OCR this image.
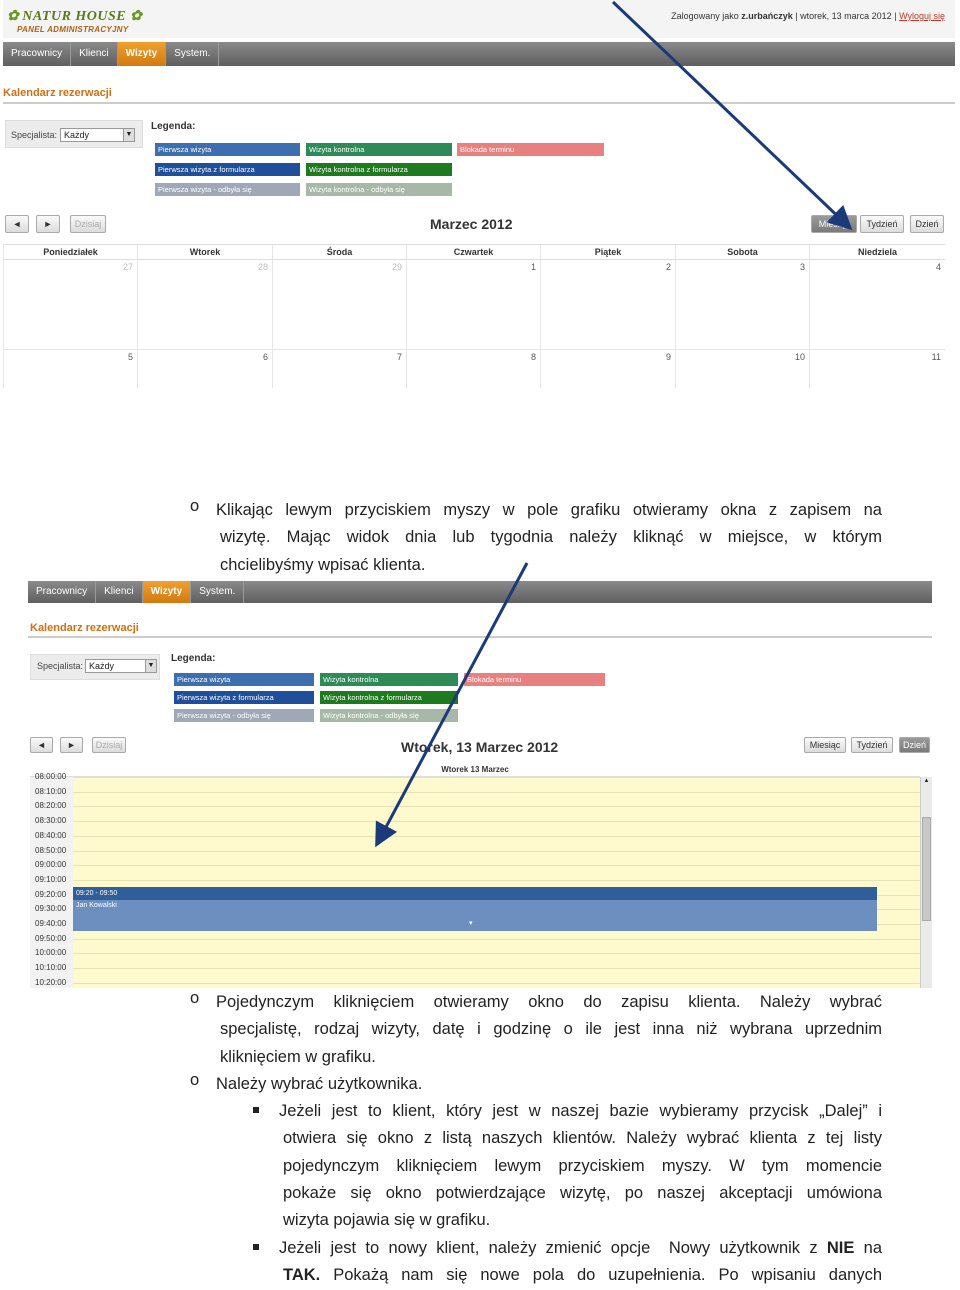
✿ NATUR HOUSE ✿
PANEL ADMINISTRACYJNY
Zalogowany jako z.urbańczyk | wtorek, 13 marca 2012 | Wyloguj się
Pracownicy	Klienci	Wizyty	System.
Kalendarz rezerwacji
Specjalista: Każdy	▼
Legenda:
Pierwsza wizyta	Wizyta kontrolna	Blokada terminu
Pierwsza wizyta z formularza	Wizyta kontrolna z formularza
Pierwsza wizyta - odbyła się	Wizyta kontrolna - odbyła się
◄	►	Dzisiaj	Marzec 2012	Miesiąc	Tydzień	Dzień
Poniedziałek	Wtorek	Środa	Czwartek	Piątek	Sobota	Niedziela
27	28	29	1	2	3	4
5	6	7	8	9	10	11
o Klikając lewym przyciskiem myszy w pole grafiku otwieramy okna z zapisem na
wizytę. Mając widok dnia lub tygodnia należy kliknąć w miejsce, w którym
chcielibyśmy wpisać klienta.
Pracownicy	Klienci	Wizyty	System.
Kalendarz rezerwacji
Specjalista: Każdy	▼
Legenda:
Pierwsza wizyta	Wizyta kontrolna	Blokada terminu
Pierwsza wizyta z formularza	Wizyta kontrolna z formularza
Pierwsza wizyta - odbyła się	Wizyta kontrolna - odbyła się
◄	►	Dzisiaj	Wtorek, 13 Marzec 2012	Miesiąc	Tydzień	Dzień
Wtorek 13 Marzec
08:00:00
08:10:00
08:20:00
08:30:00
08:40:00
08:50:00
09:00:00
09:10:00
09:20:00
09:30:00
09:40:00
09:50:00
10:00:00
10:10:00
10:20:00
09:20 - 09:50
Jan Kowalski
▾
▲
o Pojedynczym kliknięciem otwieramy okno do zapisu klienta. Należy wybrać
specjalistę, rodzaj wizyty, datę i godzinę o ile jest inna niż wybrana uprzednim
kliknięciem w grafiku.
o Należy wybrać użytkownika.
Jeżeli jest to klient, który jest w naszej bazie wybieramy przycisk „Dalej” i
otwiera się okno z listą naszych klientów. Należy wybrać klienta z tej listy
pojedynczym kliknięciem lewym przyciskiem myszy. W tym momencie
pokaże się okno potwierdzające wizytę, po naszej akceptacji umówiona
wizyta pojawia się w grafiku.
Jeżeli jest to nowy klient, należy zmienić opcje  Nowy użytkownik z NIE na
TAK. Pokażą nam się nowe pola do uzupełnienia. Po wpisaniu danych
